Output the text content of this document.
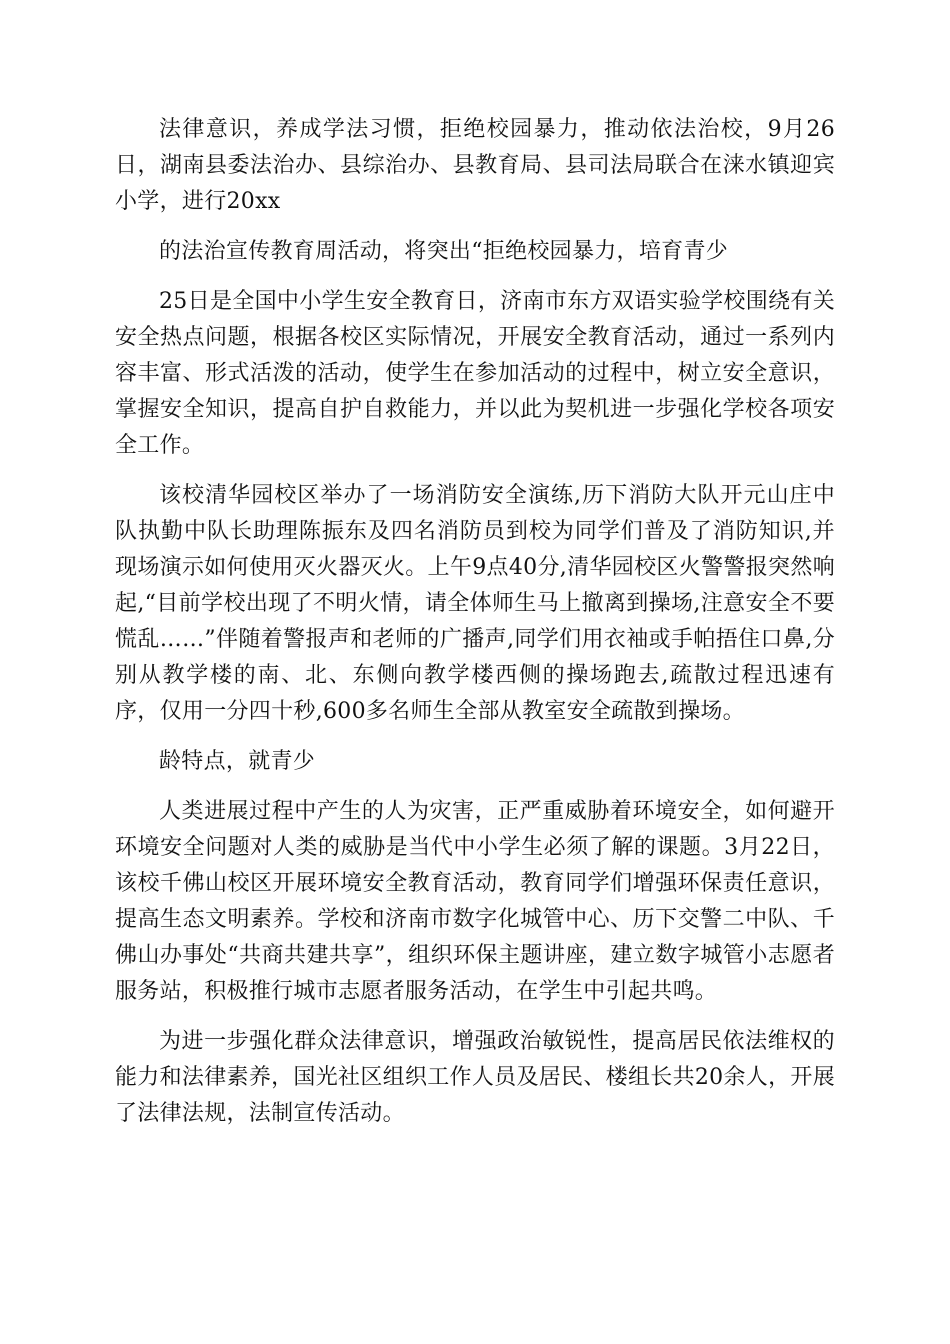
法律意识，养成学法习惯，拒绝校园暴力，推动依法治校，9月26日，湖南县委法治办、县综治办、县教育局、县司法局联合在涞水镇迎宾小学，进行20xx

的法治宣传教育周活动，将突出“拒绝校园暴力，培育青少

25日是全国中小学生安全教育日，济南市东方双语实验学校围绕有关安全热点问题，根据各校区实际情况，开展安全教育活动，通过一系列内容丰富、形式活泼的活动，使学生在参加活动的过程中，树立安全意识，掌握安全知识，提高自护自救能力，并以此为契机进一步强化学校各项安全工作。

该校清华园校区举办了一场消防安全演练,历下消防大队开元山庄中队执勤中队长助理陈振东及四名消防员到校为同学们普及了消防知识,并现场演示如何使用灭火器灭火。上午9点40分,清华园校区火警警报突然响起,“目前学校出现了不明火情，请全体师生马上撤离到操场,注意安全不要慌乱……”伴随着警报声和老师的广播声,同学们用衣袖或手帕捂住口鼻,分别从教学楼的南、北、东侧向教学楼西侧的操场跑去,疏散过程迅速有序，仅用一分四十秒,600多名师生全部从教室安全疏散到操场。

龄特点，就青少

人类进展过程中产生的人为灾害，正严重威胁着环境安全，如何避开环境安全问题对人类的威胁是当代中小学生必须了解的课题。3月22日，该校千佛山校区开展环境安全教育活动，教育同学们增强环保责任意识，提高生态文明素养。学校和济南市数字化城管中心、历下交警二中队、千佛山办事处“共商共建共享”，组织环保主题讲座，建立数字城管小志愿者服务站，积极推行城市志愿者服务活动，在学生中引起共鸣。

为进一步强化群众法律意识，增强政治敏锐性，提高居民依法维权的能力和法律素养，国光社区组织工作人员及居民、楼组长共20余人，开展了法律法规，法制宣传活动。
